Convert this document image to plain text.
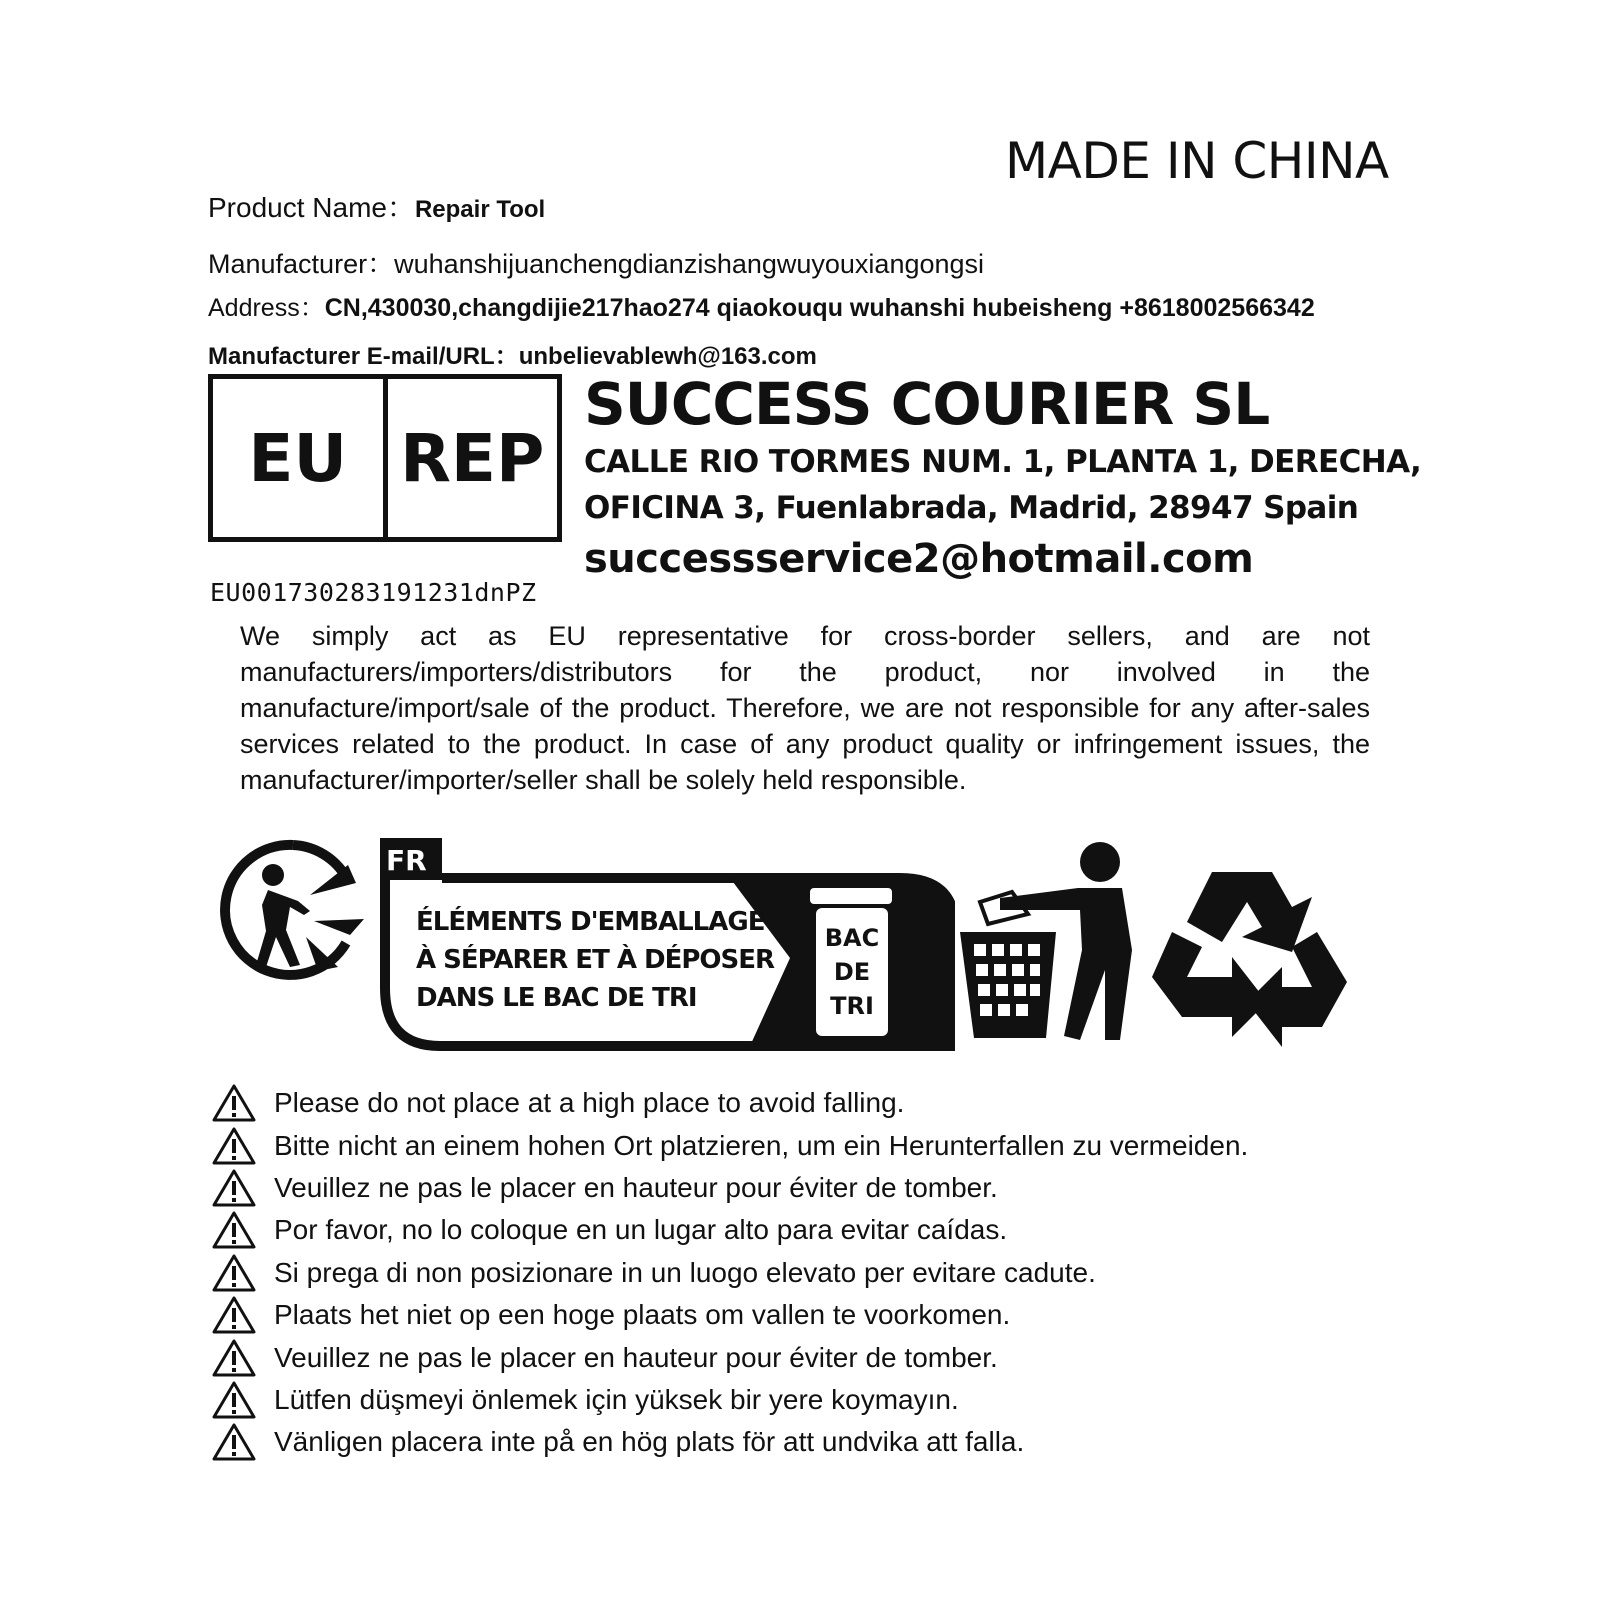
MADE IN CHINA
Product Name：Repair Tool
Manufacturer：wuhanshijuanchengdianzishangwuyouxiangongsi
Address：CN,430030,changdijie217hao274 qiaokouqu wuhanshi hubeisheng +8618002566342
Manufacturer E-mail/URL：unbelievablewh@163.com
EU REP
EU001730283191231dnPZ
SUCCESS COURIER SL
CALLE RIO TORMES NUM. 1, PLANTA 1, DERECHA,
OFICINA 3, Fuenlabrada, Madrid, 28947 Spain
successservice2@hotmail.com
We simply act as EU representative for cross-border sellers, and are not manufacturers/importers/distributors for the product, nor involved in the manufacture/import/sale of the product. Therefore, we are not responsible for any after-sales services related to the product. In case of any product quality or infringement issues, the manufacturer/importer/seller shall be solely held responsible.
FR
BAC
DE
TRI
ÉLÉMENTS D'EMBALLAGE
À SÉPARER ET À DÉPOSER
DANS LE BAC DE TRI
Please do not place at a high place to avoid falling.
Bitte nicht an einem hohen Ort platzieren, um ein Herunterfallen zu vermeiden.
Veuillez ne pas le placer en hauteur pour éviter de tomber.
Por favor, no lo coloque en un lugar alto para evitar caídas.
Si prega di non posizionare in un luogo elevato per evitare cadute.
Plaats het niet op een hoge plaats om vallen te voorkomen.
Veuillez ne pas le placer en hauteur pour éviter de tomber.
Lütfen düşmeyi önlemek için yüksek bir yere koymayın.
Vänligen placera inte på en hög plats för att undvika att falla.
